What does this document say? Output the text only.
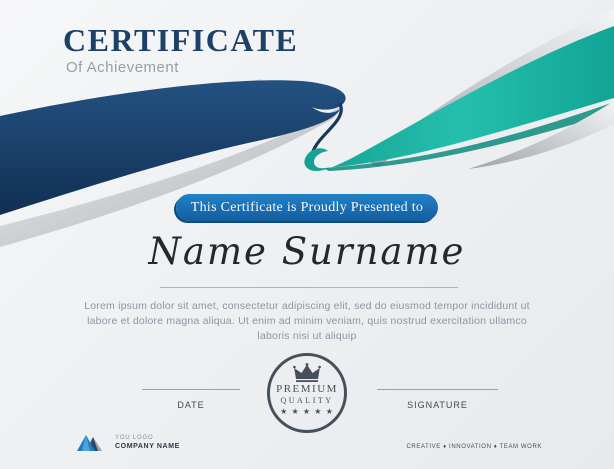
CERTIFICATE
Of Achievement
This Certificate is Proudly Presented to
Name Surname
Lorem ipsum dolor sit amet, consectetur adipiscing elit, sed do eiusmod tempor incididunt ut labore et dolore magna aliqua. Ut enim ad minim veniam, quis nostrud exercitation ullamco laboris nisi ut aliquip
PREMIUM
QUALITY
★ ★ ★ ★ ★
DATE	SIGNATURE
YOU LOGO
COMPANY NAME	CREATIVE ♦ INNOVATION ♦ TEAM WORK
